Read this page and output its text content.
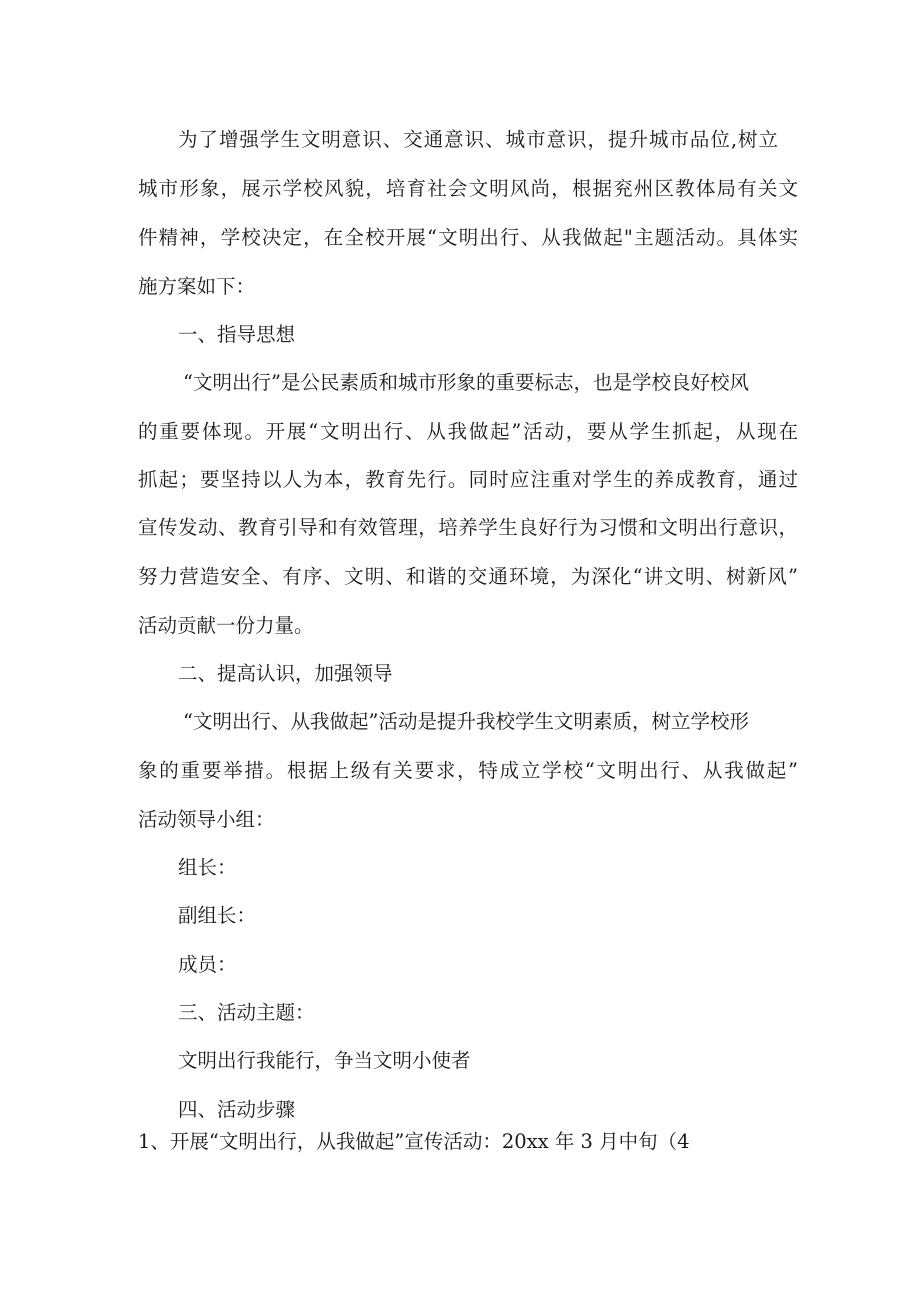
为了增强学生文明意识、交通意识、城市意识，提升城市品位,树立
城市形象，展示学校风貌，培育社会文明风尚，根据兖州区教体局有关文
件精神，学校决定，在全校开展“文明出行、从我做起"主题活动。具体实
施方案如下：
一、指导思想
“文明出行”是公民素质和城市形象的重要标志，也是学校良好校风
的重要体现。开展“文明出行、从我做起”活动，要从学生抓起，从现在
抓起；要坚持以人为本，教育先行。同时应注重对学生的养成教育，通过
宣传发动、教育引导和有效管理，培养学生良好行为习惯和文明出行意识，
努力营造安全、有序、文明、和谐的交通环境，为深化“讲文明、树新风”
活动贡献一份力量。
二、提高认识，加强领导
“文明出行、从我做起”活动是提升我校学生文明素质，树立学校形
象的重要举措。根据上级有关要求，特成立学校“文明出行、从我做起”
活动领导小组：
组长：
副组长：
成员：
三、活动主题：
文明出行我能行，争当文明小使者
四、活动步骤
1、开展“文明出行，从我做起”宣传活动：20xx 年 3 月中旬（4
